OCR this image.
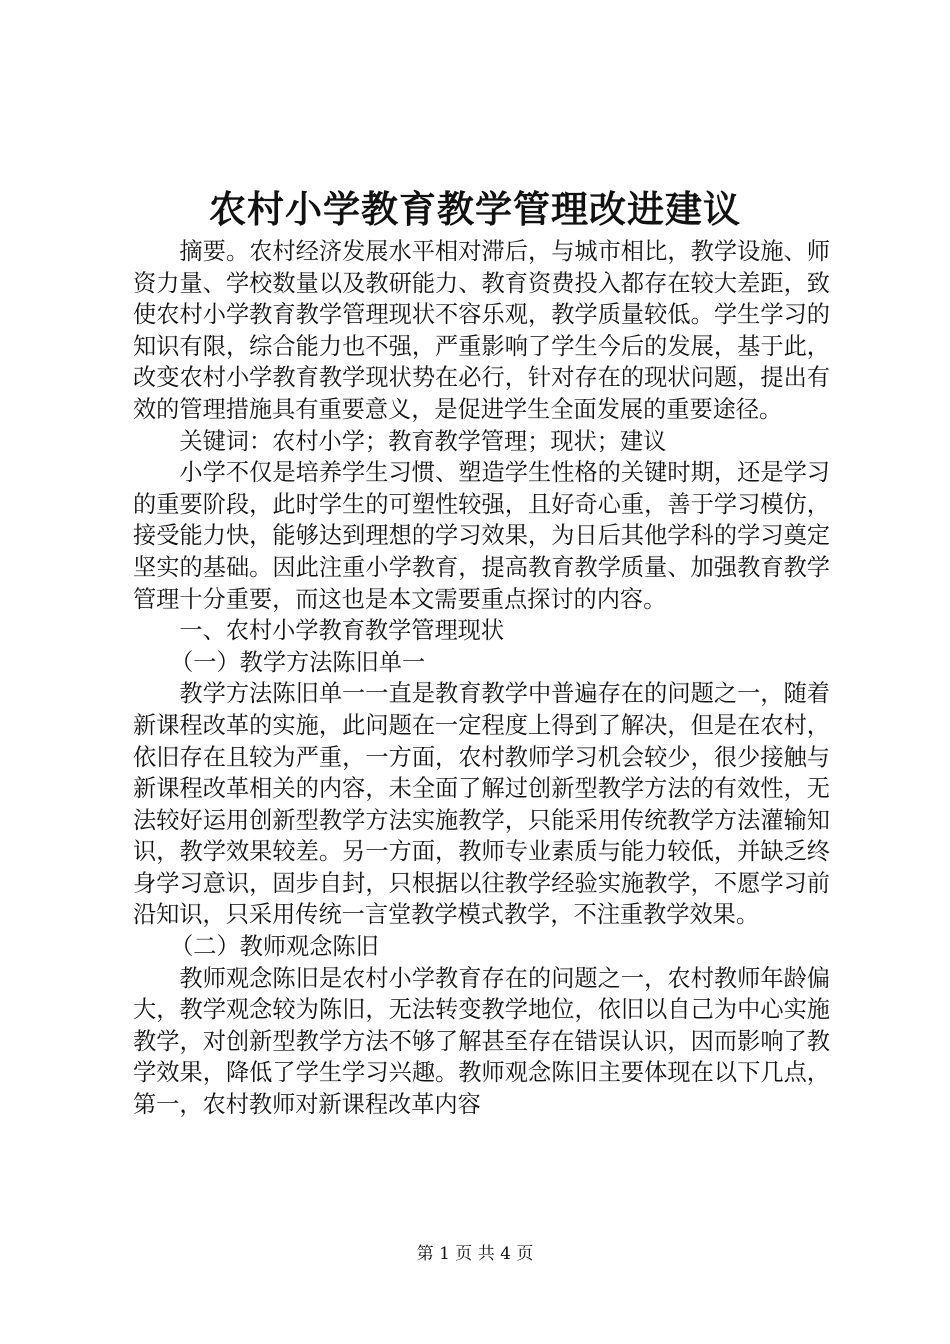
农村小学教育教学管理改进建议

摘要。农村经济发展水平相对滞后，与城市相比，教学设施、师资力量、学校数量以及教研能力、教育资费投入都存在较大差距，致使农村小学教育教学管理现状不容乐观，教学质量较低。学生学习的知识有限，综合能力也不强，严重影响了学生今后的发展，基于此，改变农村小学教育教学现状势在必行，针对存在的现状问题，提出有效的管理措施具有重要意义，是促进学生全面发展的重要途径。

关键词：农村小学；教育教学管理；现状；建议

小学不仅是培养学生习惯、塑造学生性格的关键时期，还是学习的重要阶段，此时学生的可塑性较强，且好奇心重，善于学习模仿，接受能力快，能够达到理想的学习效果，为日后其他学科的学习奠定坚实的基础。因此注重小学教育，提高教育教学质量、加强教育教学管理十分重要，而这也是本文需要重点探讨的内容。

一、农村小学教育教学管理现状

（一）教学方法陈旧单一

教学方法陈旧单一一直是教育教学中普遍存在的问题之一，随着新课程改革的实施，此问题在一定程度上得到了解决，但是在农村，依旧存在且较为严重，一方面，农村教师学习机会较少，很少接触与新课程改革相关的内容，未全面了解过创新型教学方法的有效性，无法较好运用创新型教学方法实施教学，只能采用传统教学方法灌输知识，教学效果较差。另一方面，教师专业素质与能力较低，并缺乏终身学习意识，固步自封，只根据以往教学经验实施教学，不愿学习前沿知识，只采用传统一言堂教学模式教学，不注重教学效果。

（二）教师观念陈旧

教师观念陈旧是农村小学教育存在的问题之一，农村教师年龄偏大，教学观念较为陈旧，无法转变教学地位，依旧以自己为中心实施教学，对创新型教学方法不够了解甚至存在错误认识，因而影响了教学效果，降低了学生学习兴趣。教师观念陈旧主要体现在以下几点，第一，农村教师对新课程改革内容

第 1 页 共 4 页
